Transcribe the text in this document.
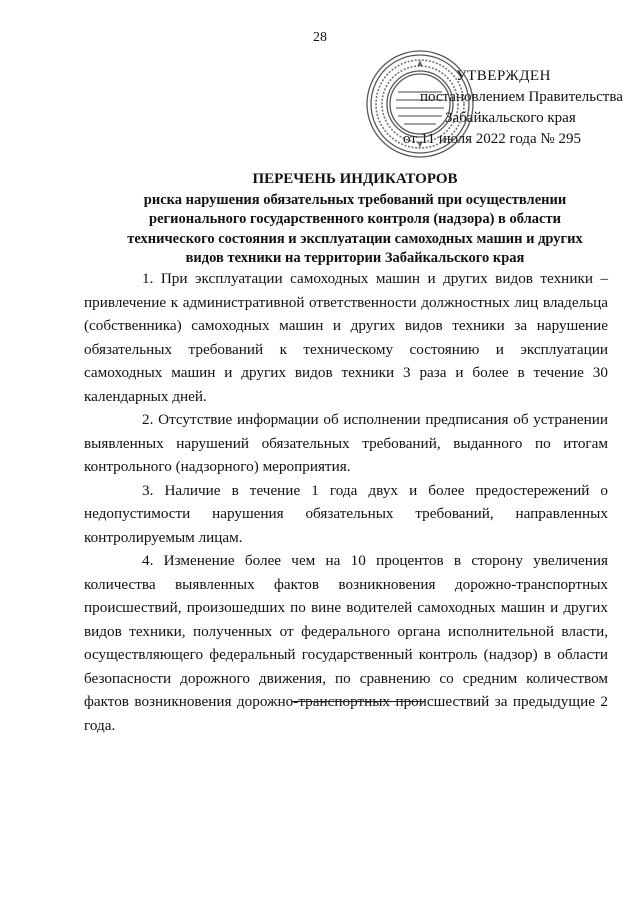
28
УТВЕРЖДЕН
постановлением Правительства
Забайкальского края
от 11 июля 2022 года № 295
ПЕРЕЧЕНЬ ИНДИКАТОРОВ
риска нарушения обязательных требований при осуществлении регионального государственного контроля (надзора) в области технического состояния и эксплуатации самоходных машин и других видов техники на территории Забайкальского края

1. При эксплуатации самоходных машин и других видов техники – привлечение к административной ответственности должностных лиц владельца (собственника) самоходных машин и других видов техники за нарушение обязательных требований к техническому состоянию и эксплуатации самоходных машин и других видов техники 3 раза и более в течение 30 календарных дней.

2. Отсутствие информации об исполнении предписания об устранении выявленных нарушений обязательных требований, выданного по итогам контрольного (надзорного) мероприятия.

3. Наличие в течение 1 года двух и более предостережений о недопустимости нарушения обязательных требований, направленных контролируемым лицам.

4. Изменение более чем на 10 процентов в сторону увеличения количества выявленных фактов возникновения дорожно-транспортных происшествий, произошедших по вине водителей самоходных машин и других видов техники, полученных от федерального органа исполнительной власти, осуществляющего федеральный государственный контроль (надзор) в области безопасности дорожного движения, по сравнению со средним количеством фактов возникновения дорожно-транспортных происшествий за предыдущие 2 года.
